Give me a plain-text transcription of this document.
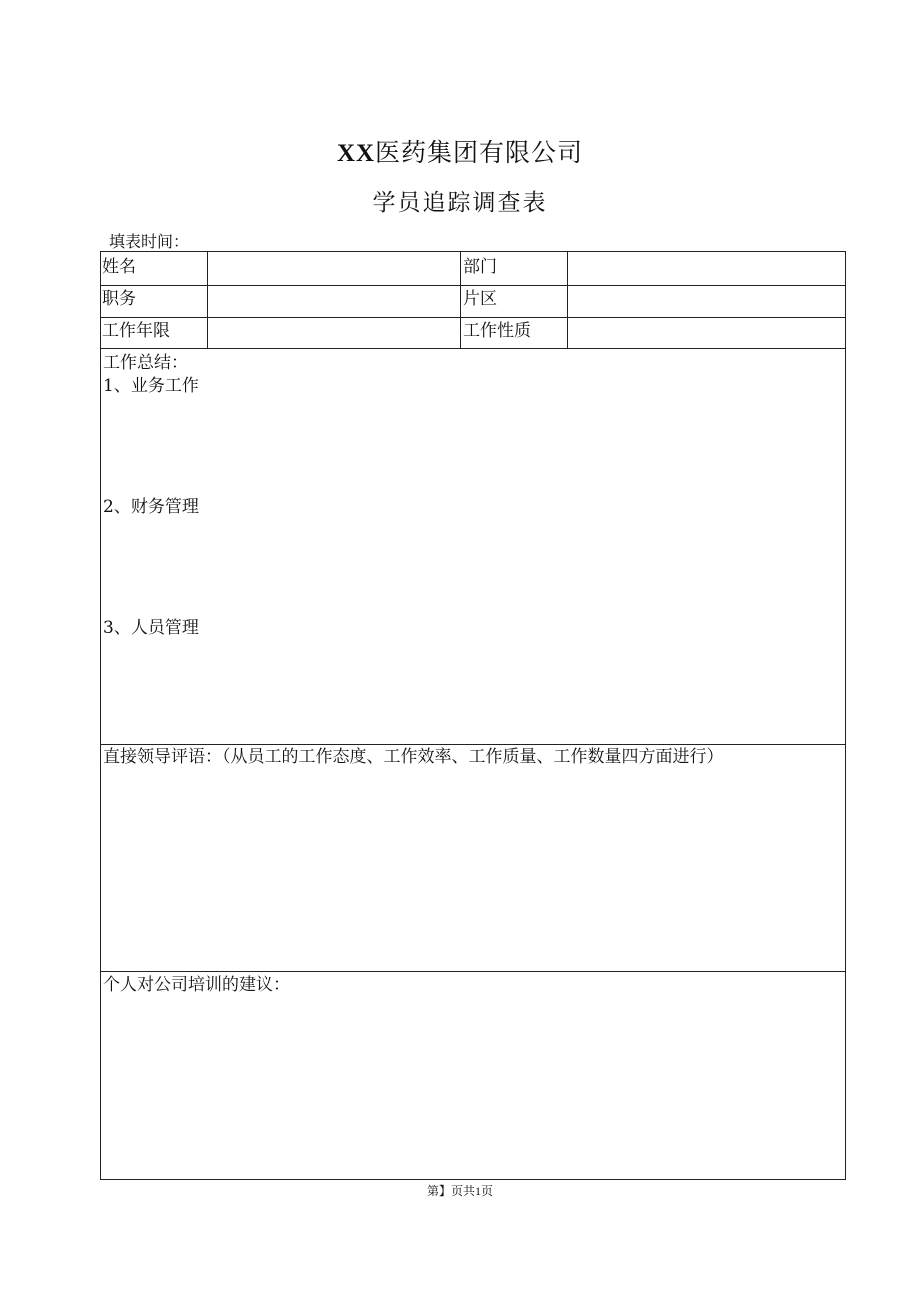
XX医药集团有限公司
学员追踪调查表
填表时间：
姓名	部门
职务	片区
工作年限	工作性质
工作总结：
1、业务工作
2、财务管理
3、人员管理
直接领导评语：（从员工的工作态度、工作效率、工作质量、工作数量四方面进行）
个人对公司培训的建议：
第】页共1页
